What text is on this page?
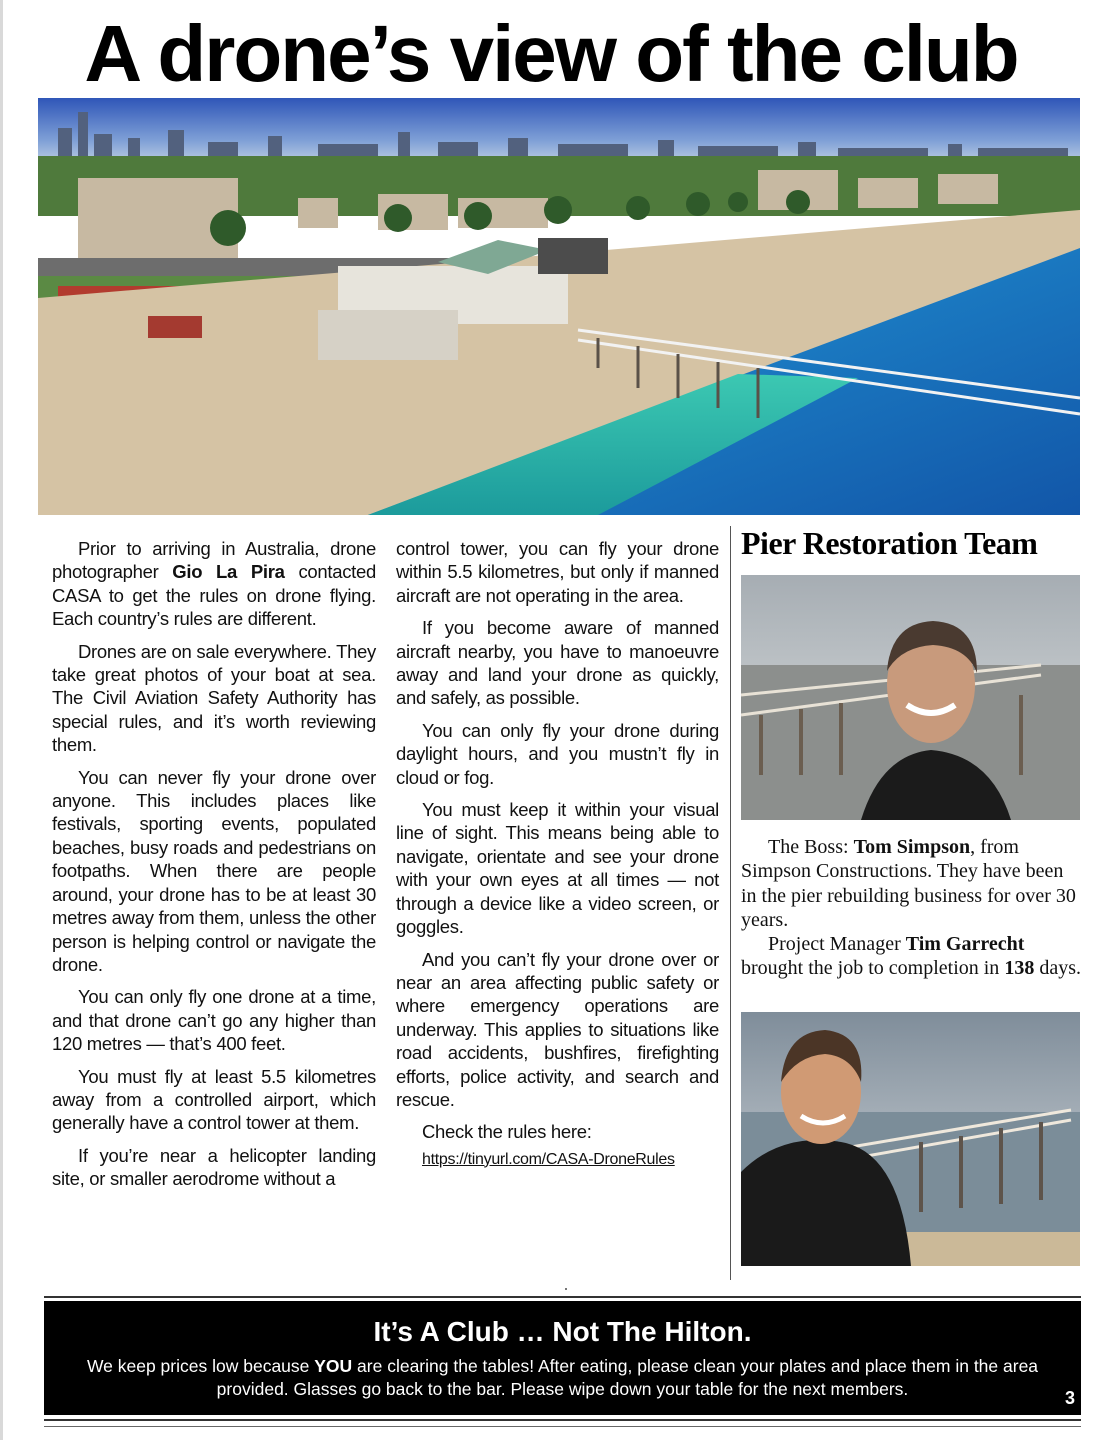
A drone’s view of the club

Prior to arriving in Australia, drone photographer Gio La Pira contacted CASA to get the rules on drone flying. Each country’s rules are different.

Drones are on sale everywhere. They take great photos of your boat at sea. The Civil Aviation Safety Authority has special rules, and it’s worth reviewing them.

You can never fly your drone over anyone. This includes places like festivals, sporting events, populated beaches, busy roads and pedestrians on footpaths. When there are people around, your drone has to be at least 30 metres away from them, unless the other person is helping control or navigate the drone.

You can only fly one drone at a time, and that drone can’t go any higher than 120 metres — that’s 400 feet.

You must fly at least 5.5 kilometres away from a controlled airport, which generally have a control tower at them.

If you’re near a helicopter landing site, or smaller aerodrome without a

control tower, you can fly your drone within 5.5 kilometres, but only if manned aircraft are not operating in the area.

If you become aware of manned aircraft nearby, you have to manoeuvre away and land your drone as quickly, and safely, as possible.

You can only fly your drone during daylight hours, and you mustn’t fly in cloud or fog.

You must keep it within your visual line of sight. This means being able to navigate, orientate and see your drone with your own eyes at all times — not through a device like a video screen, or goggles.

And you can’t fly your drone over or near an area affecting public safety or where emergency operations are underway. This applies to situations like road accidents, bushfires, firefighting efforts, police activity, and search and rescue.

Check the rules here:

https://tinyurl.com/CASA-DroneRules
Pier Restoration Team

The Boss: Tom Simpson, from Simpson Constructions. They have been in the pier rebuilding business for over 30 years.

Project Manager Tim Garrecht brought the job to completion in 138 days.

It’s A Club … Not The Hilton.
We keep prices low because YOU are clearing the tables! After eating, please clean your plates and place them in the area provided. Glasses go back to the bar. Please wipe down your table for the next members.	3
